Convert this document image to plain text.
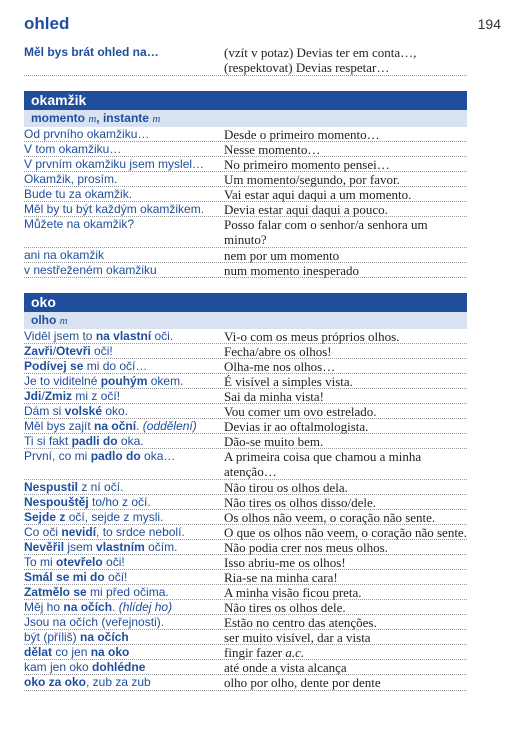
ohled	194
Měl bys brát ohled na…	(vzít v potaz) Devias ter em conta…, (respektovat) Devias respetar…
okamžik
momento m, instante m
Od prvního okamžiku…	Desde o primeiro momento…
V tom okamžiku…	Nesse momento…
V prvním okamžiku jsem myslel…	No primeiro momento pensei…
Okamžik, prosím.	Um momento/segundo, por favor.
Bude tu za okamžik.	Vai estar aqui daqui a um momento.
Měl by tu být každým okamžikem.	Devia estar aqui daqui a pouco.
Můžete na okamžik?	Posso falar com o senhor/a senhora um minuto?
ani na okamžik	nem por um momento
v nestřeženém okamžiku	num momento inesperado
oko
olho m
Viděl jsem to na vlastní oči.	Vi-o com os meus próprios olhos.
Zavři/Otevři oči!	Fecha/abre os olhos!
Podívej se mi do očí…	Olha-me nos olhos…
Je to viditelné pouhým okem.	É visível a simples vista.
Jdi/Zmiz mi z očí!	Sai da minha vista!
Dám si volské oko.	Vou comer um ovo estrelado.
Měl bys zajít na oční. (oddělení)	Devias ir ao oftalmologista.
Ti si fakt padli do oka.	Dão-se muito bem.
První, co mi padlo do oka…	A primeira coisa que chamou a minha atenção…
Nespustil z ní očí.	Não tirou os olhos dela.
Nespouštěj to/ho z očí.	Não tires os olhos disso/dele.
Sejde z očí, sejde z mysli.	Os olhos não veem, o coração não sente.
Co oči nevidí, to srdce nebolí.	O que os olhos não veem, o coração não sente.
Nevěřil jsem vlastním očím.	Não podia crer nos meus olhos.
To mi otevřelo oči!	Isso abriu-me os olhos!
Smál se mi do očí!	Ria-se na minha cara!
Zatmělo se mi před očima.	A minha visão ficou preta.
Měj ho na očích. (hlídej ho)	Não tires os olhos dele.
Jsou na očích (veřejnosti).	Estão no centro das atenções.
být (příliš) na očích	ser muito visível, dar a vista
dělat co jen na oko	fingir fazer a.c.
kam jen oko dohlédne	até onde a vista alcança
oko za oko, zub za zub	olho por olho, dente por dente
